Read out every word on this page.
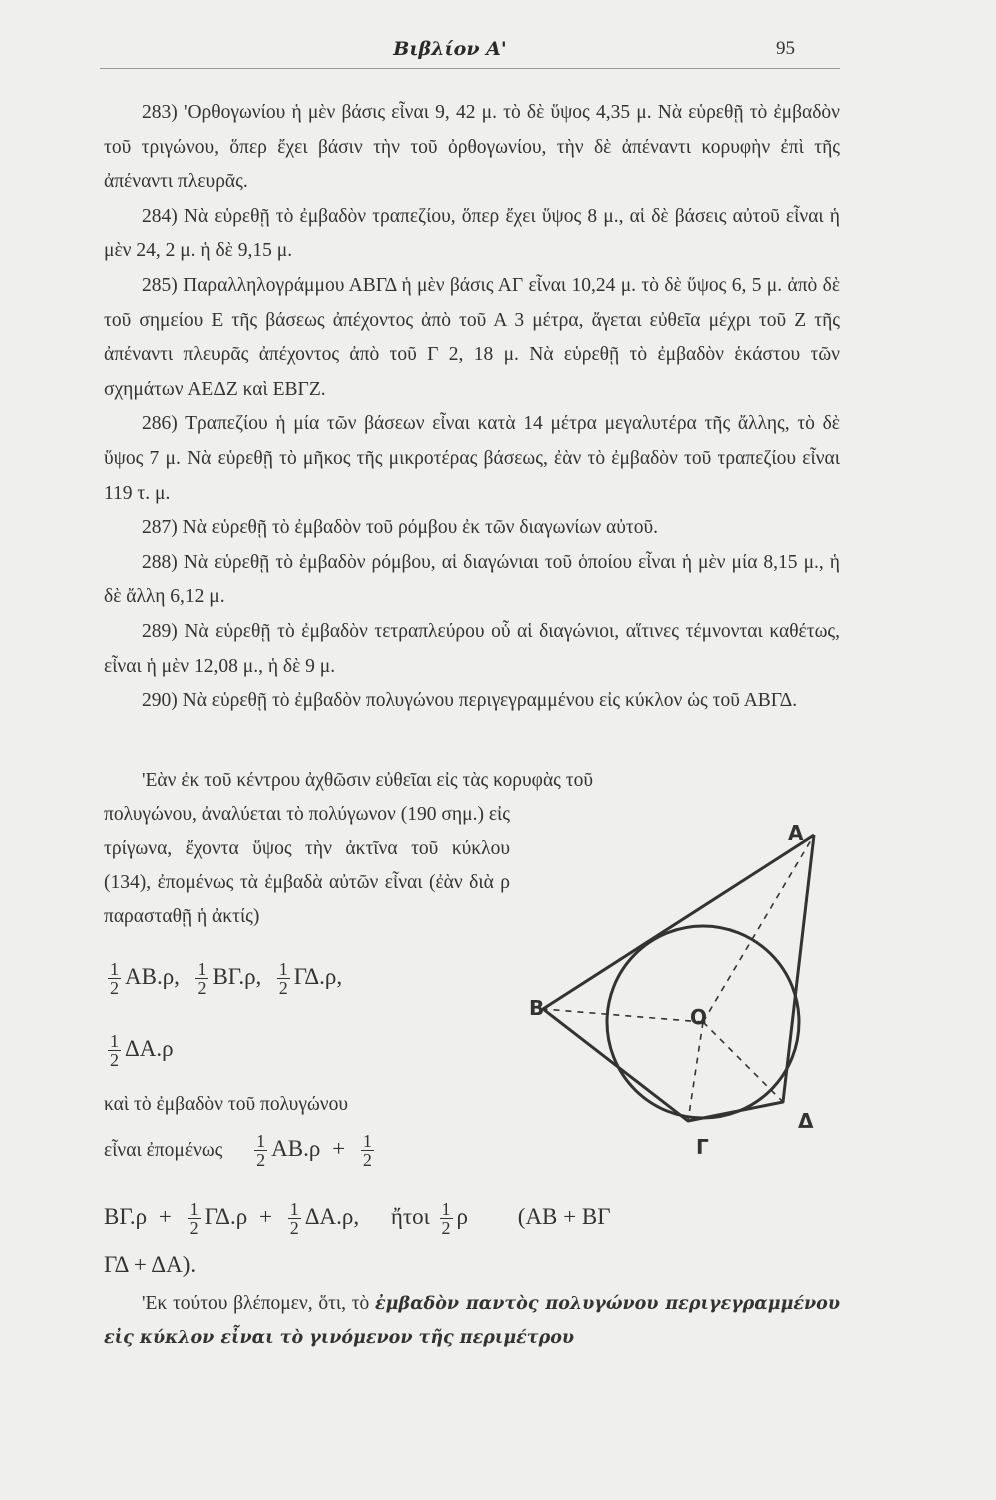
Βιβλίον Α'	95

283) 'Ορθογωνίου ἡ μὲν βάσις εἶναι 9, 42 μ. τὸ δὲ ὕψος 4,35 μ. Νὰ εὑρεθῇ τὸ ἐμβαδὸν τοῦ τριγώνου, ὅπερ ἔχει βάσιν τὴν τοῦ ὀρθογωνίου, τὴν δὲ ἀπέναντι κορυφὴν ἐπὶ τῆς ἀπέναντι πλευρᾶς.

284) Νὰ εὑρεθῇ τὸ ἐμβαδὸν τραπεζίου, ὅπερ ἔχει ὕψος 8 μ., αἱ δὲ βάσεις αὐτοῦ εἶναι ἡ μὲν 24, 2 μ. ἡ δὲ 9,15 μ.

285) Παραλληλογράμμου ΑΒΓΔ ἡ μὲν βάσις ΑΓ εἶναι 10,24 μ. τὸ δὲ ὕψος 6, 5 μ. ἀπὸ δὲ τοῦ σημείου Ε τῆς βάσεως ἀπέχοντος ἀπὸ τοῦ Α 3 μέτρα, ἄγεται εὐθεῖα μέχρι τοῦ Ζ τῆς ἀπέναντι πλευρᾶς ἀπέχοντος ἀπὸ τοῦ Γ 2, 18 μ. Νὰ εὑρεθῇ τὸ ἐμβαδὸν ἑκάστου τῶν σχημάτων ΑΕΔΖ καὶ ΕΒΓΖ.

286) Τραπεζίου ἡ μία τῶν βάσεων εἶναι κατὰ 14 μέτρα μεγαλυτέρα τῆς ἄλλης, τὸ δὲ ὕψος 7 μ. Νὰ εὑρεθῇ τὸ μῆκος τῆς μικροτέρας βάσεως, ἐὰν τὸ ἐμβαδὸν τοῦ τραπεζίου εἶναι 119 τ. μ.

287) Νὰ εὑρεθῇ τὸ ἐμβαδὸν τοῦ ρόμβου ἐκ τῶν διαγωνίων αὐτοῦ.

288) Νὰ εὑρεθῇ τὸ ἐμβαδὸν ρόμβου, αἱ διαγώνιαι τοῦ ὁποίου εἶναι ἡ μὲν μία 8,15 μ., ἡ δὲ ἄλλη 6,12 μ.

289) Νὰ εὑρεθῇ τὸ ἐμβαδὸν τετραπλεύρου οὗ αἱ διαγώνιοι, αἵτινες τέμνονται καθέτως, εἶναι ἡ μὲν 12,08 μ., ἡ δὲ 9 μ.

290) Νὰ εὑρεθῇ τὸ ἐμβαδὸν πολυγώνου περιγεγραμμένου εἰς κύκλον ὡς τοῦ ΑΒΓΔ.

'Εὰν ἐκ τοῦ κέντρου ἀχθῶσιν εὐθεῖαι εἰς τὰς κορυφὰς τοῦ

πολυγώνου, ἀναλύεται τὸ πολύγωνον (190 σημ.) εἰς τρίγωνα, ἔχοντα ὕψος τὴν ἀκτῖνα τοῦ κύκλου (134), ἐπομένως τὰ ἐμβαδὰ αὐτῶν εἶναι (ἐὰν διὰ ρ παρασταθῇ ἡ ἀκτίς)

$\frac{1}{2} AB.\rho$, $\frac{1}{2} B\Gamma.\rho$, $\frac{1}{2} \Gamma\Delta.\rho$,
$\frac{1}{2} \Delta A.\rho$
καὶ τὸ ἐμβαδὸν τοῦ πολυγώνου
εἶναι ἐπομένως $\frac{1}{2} AB.\rho + \frac{1}{2}$
$B\Gamma.\rho + \frac{1}{2} \Gamma\Delta.\rho + \frac{1}{2} \Delta A.\rho$, ἤτοι $\frac{1}{2}$ ρ (ΑΒ + ΒΓ
ΓΔ + ΔΑ).

'Εκ τούτου βλέπομεν, ὅτι, τὸ ἐμβαδὸν παντὸς πολυγώνου περιγεγραμμένου εἰς κύκλον εἶναι τὸ γινόμενον τῆς περιμέτρου

Α
Β
Γ
Δ
Ο
